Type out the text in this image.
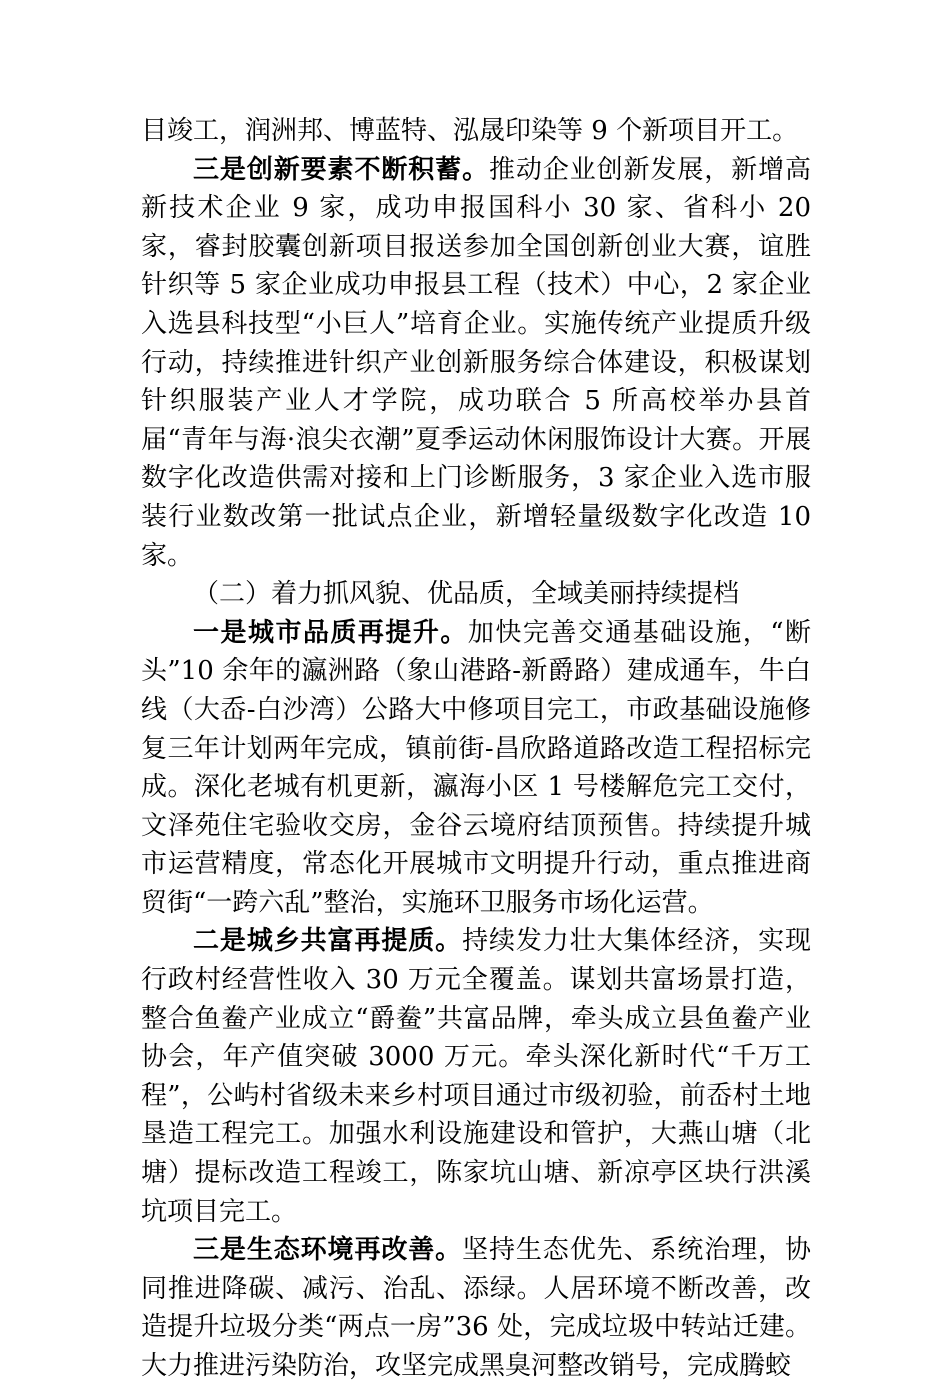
目竣工，润洲邦、博蓝特、泓晟印染等 9 个新项目开工。

三是创新要素不断积蓄。推动企业创新发展，新增高新技术企业 9 家，成功申报国科小 30 家、省科小 20 家，睿封胶囊创新项目报送参加全国创新创业大赛，谊胜针织等 5 家企业成功申报县工程（技术）中心，2 家企业入选县科技型“小巨人”培育企业。实施传统产业提质升级行动，持续推进针织产业创新服务综合体建设，积极谋划针织服装产业人才学院，成功联合 5 所高校举办县首届“青年与海·浪尖衣潮”夏季运动休闲服饰设计大赛。开展数字化改造供需对接和上门诊断服务，3 家企业入选市服装行业数改第一批试点企业，新增轻量级数字化改造 10 家。

（二）着力抓风貌、优品质，全域美丽持续提档

一是城市品质再提升。加快完善交通基础设施，“断头”10 余年的瀛洲路（象山港路-新爵路）建成通车，牛白线（大岙-白沙湾）公路大中修项目完工，市政基础设施修复三年计划两年完成，镇前街-昌欣路道路改造工程招标完成。深化老城有机更新，瀛海小区 1 号楼解危完工交付，文泽苑住宅验收交房，金谷云境府结顶预售。持续提升城市运营精度，常态化开展城市文明提升行动，重点推进商贸街“一跨六乱”整治，实施环卫服务市场化运营。

二是城乡共富再提质。持续发力壮大集体经济，实现行政村经营性收入 30 万元全覆盖。谋划共富场景打造，整合鱼鲞产业成立“爵鲞”共富品牌，牵头成立县鱼鲞产业协会，年产值突破 3000 万元。牵头深化新时代“千万工程”，公屿村省级未来乡村项目通过市级初验，前岙村土地垦造工程完工。加强水利设施建设和管护，大燕山塘（北塘）提标改造工程竣工，陈家坑山塘、新凉亭区块行洪溪坑项目完工。

三是生态环境再改善。坚持生态优先、系统治理，协同推进降碳、减污、治乱、添绿。人居环境不断改善，改造提升垃圾分类“两点一房”36 处，完成垃圾中转站迁建。大力推进污染防治，攻坚完成黑臭河整改销号，完成腾蛟
